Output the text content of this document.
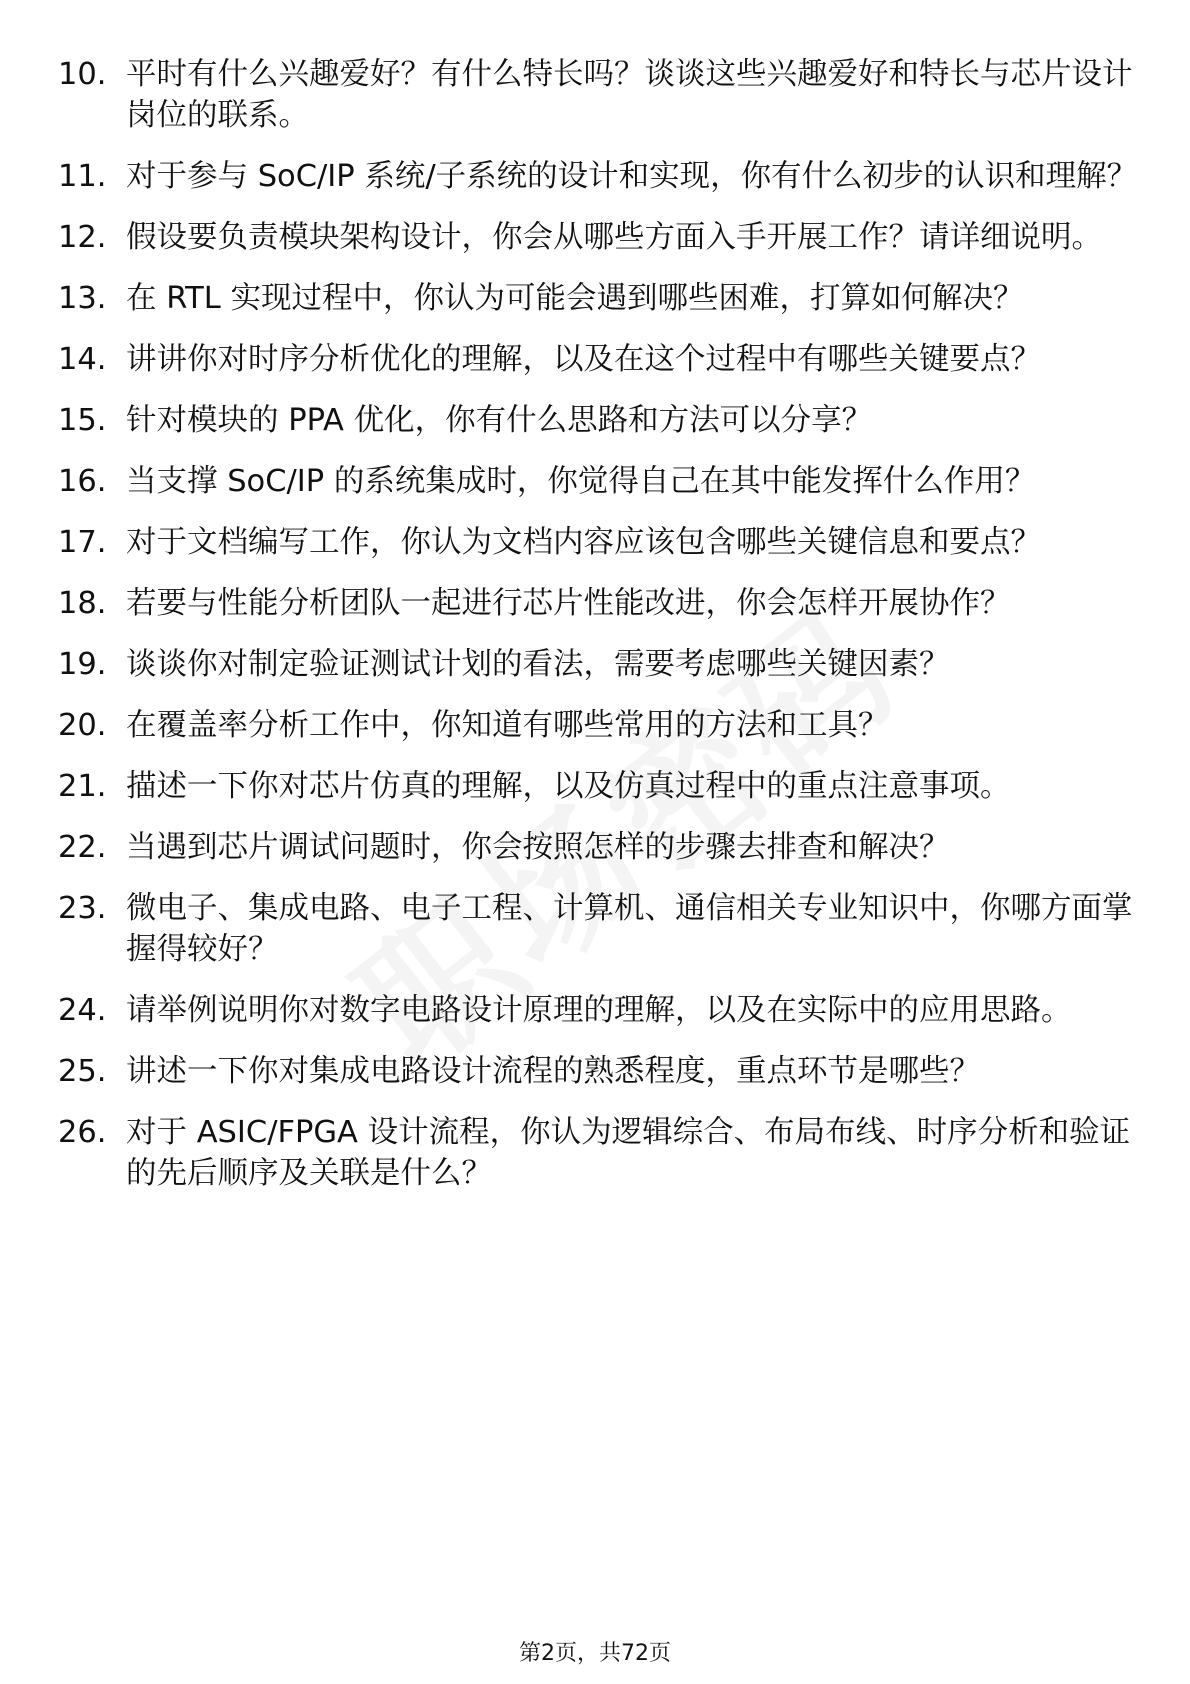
10. 平时有什么兴趣爱好？有什么特长吗？谈谈这些兴趣爱好和特长与芯片设计岗位的联系。
11. 对于参与 SoC/IP 系统/子系统的设计和实现，你有什么初步的认识和理解？
12. 假设要负责模块架构设计，你会从哪些方面入手开展工作？请详细说明。
13. 在 RTL 实现过程中，你认为可能会遇到哪些困难，打算如何解决？
14. 讲讲你对时序分析优化的理解，以及在这个过程中有哪些关键要点？
15. 针对模块的 PPA 优化，你有什么思路和方法可以分享？
16. 当支撑 SoC/IP 的系统集成时，你觉得自己在其中能发挥什么作用？
17. 对于文档编写工作，你认为文档内容应该包含哪些关键信息和要点？
18. 若要与性能分析团队一起进行芯片性能改进，你会怎样开展协作？
19. 谈谈你对制定验证测试计划的看法，需要考虑哪些关键因素？
20. 在覆盖率分析工作中，你知道有哪些常用的方法和工具？
21. 描述一下你对芯片仿真的理解，以及仿真过程中的重点注意事项。
22. 当遇到芯片调试问题时，你会按照怎样的步骤去排查和解决？
23. 微电子、集成电路、电子工程、计算机、通信相关专业知识中，你哪方面掌握得较好？
24. 请举例说明你对数字电路设计原理的理解，以及在实际中的应用思路。
25. 讲述一下你对集成电路设计流程的熟悉程度，重点环节是哪些？
26. 对于 ASIC/FPGA 设计流程，你认为逻辑综合、布局布线、时序分析和验证的先后顺序及关联是什么？
第2页，共72页
